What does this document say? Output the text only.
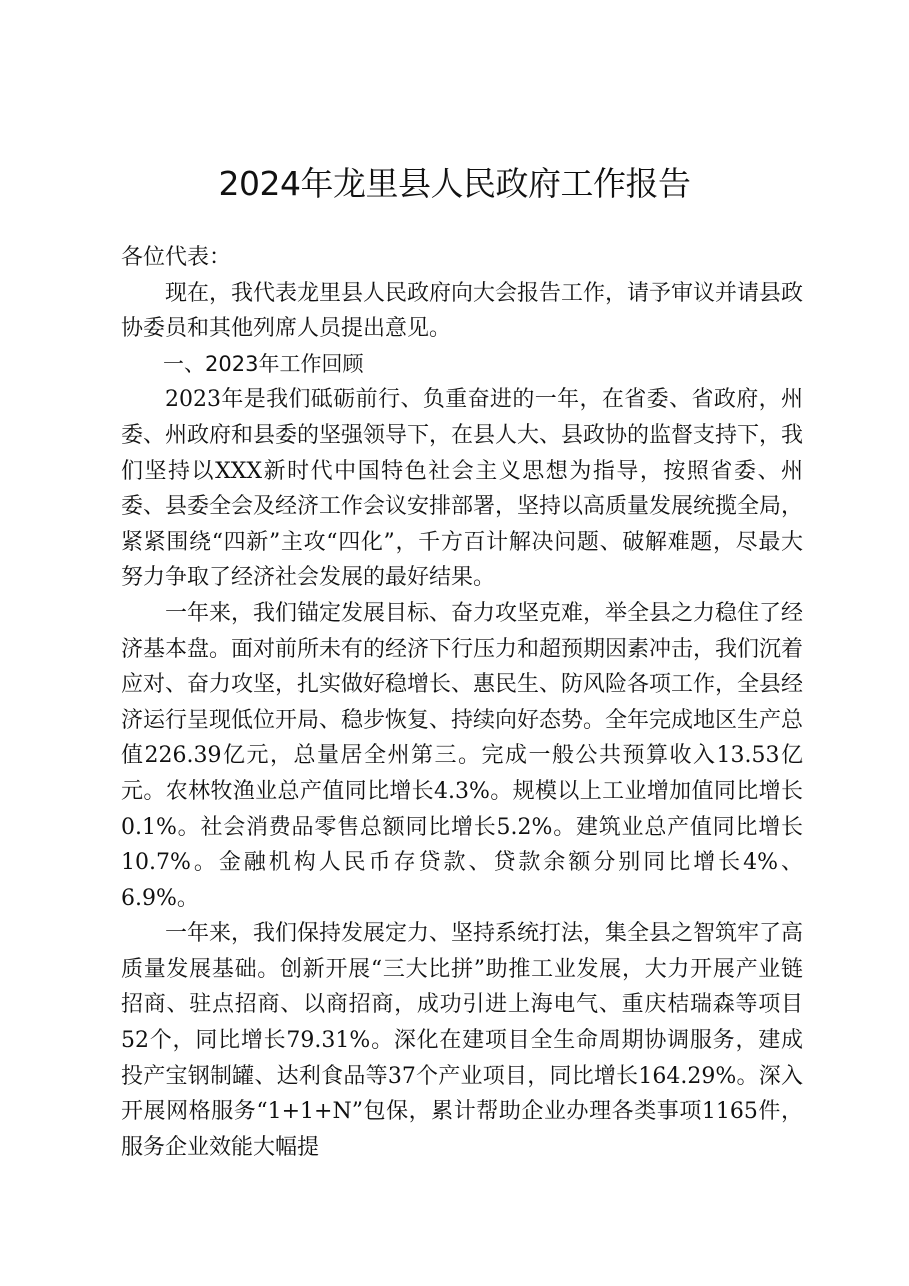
2024年龙里县人民政府工作报告

各位代表：

现在，我代表龙里县人民政府向大会报告工作，请予审议并请县政协委员和其他列席人员提出意见。

一、2023年工作回顾

2023年是我们砥砺前行、负重奋进的一年，在省委、省政府，州委、州政府和县委的坚强领导下，在县人大、县政协的监督支持下，我们坚持以XXX新时代中国特色社会主义思想为指导，按照省委、州委、县委全会及经济工作会议安排部署，坚持以高质量发展统揽全局，紧紧围绕“四新”主攻“四化”，千方百计解决问题、破解难题，尽最大努力争取了经济社会发展的最好结果。

一年来，我们锚定发展目标、奋力攻坚克难，举全县之力稳住了经济基本盘。面对前所未有的经济下行压力和超预期因素冲击，我们沉着应对、奋力攻坚，扎实做好稳增长、惠民生、防风险各项工作，全县经济运行呈现低位开局、稳步恢复、持续向好态势。全年完成地区生产总值226.39亿元，总量居全州第三。完成一般公共预算收入13.53亿元。农林牧渔业总产值同比增长4.3%。规模以上工业增加值同比增长0.1%。社会消费品零售总额同比增长5.2%。建筑业总产值同比增长10.7%。金融机构人民币存贷款、贷款余额分别同比增长4%、6.9%。

一年来，我们保持发展定力、坚持系统打法，集全县之智筑牢了高质量发展基础。创新开展“三大比拼”助推工业发展，大力开展产业链招商、驻点招商、以商招商，成功引进上海电气、重庆桔瑞森等项目52个，同比增长79.31%。深化在建项目全生命周期协调服务，建成投产宝钢制罐、达利食品等37个产业项目，同比增长164.29%。深入开展网格服务“1+1+N”包保，累计帮助企业办理各类事项1165件，服务企业效能大幅提
